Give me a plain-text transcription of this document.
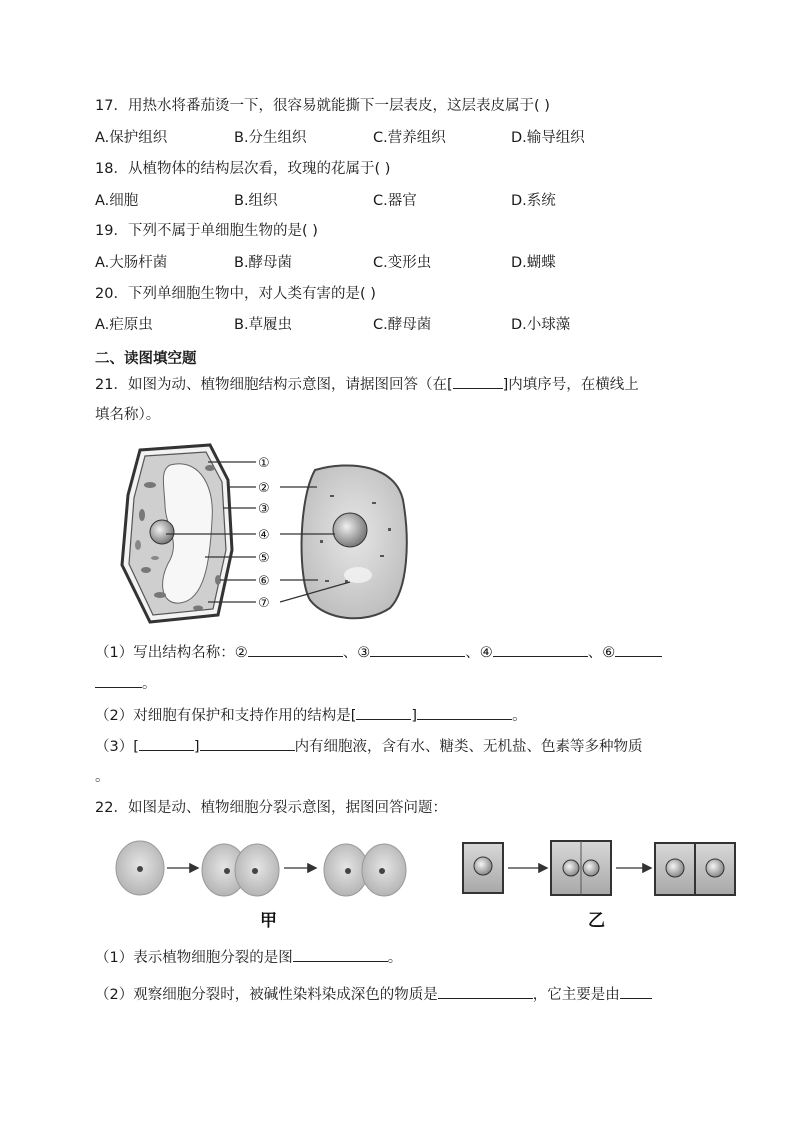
17．用热水将番茄烫一下，很容易就能撕下一层表皮，这层表皮属于( )
A.保护组织	B.分生组织	C.营养组织	D.输导组织
18．从植物体的结构层次看，玫瑰的花属于( )
A.细胞	B.组织	C.器官	D.系统
19．下列不属于单细胞生物的是( )
A.大肠杆菌	B.酵母菌	C.变形虫	D.蝴蝶
20．下列单细胞生物中，对人类有害的是( )
A.疟原虫	B.草履虫	C.酵母菌	D.小球藻
二、读图填空题
21．如图为动、植物细胞结构示意图，请据图回答（在[	]内填序号，在横线上
填名称）。
①
②
③
④
⑤
⑥
⑦
（1）写出结构名称：②	、③	、④	、⑥
。
（2）对细胞有保护和支持作用的结构是[	]	。
（3）[	]	内有细胞液，含有水、糖类、无机盐、色素等多种物质
。
22．如图是动、植物细胞分裂示意图，据图回答问题：
甲	乙
（1）表示植物细胞分裂的是图	。
（2）观察细胞分裂时，被碱性染料染成深色的物质是	，它主要是由
